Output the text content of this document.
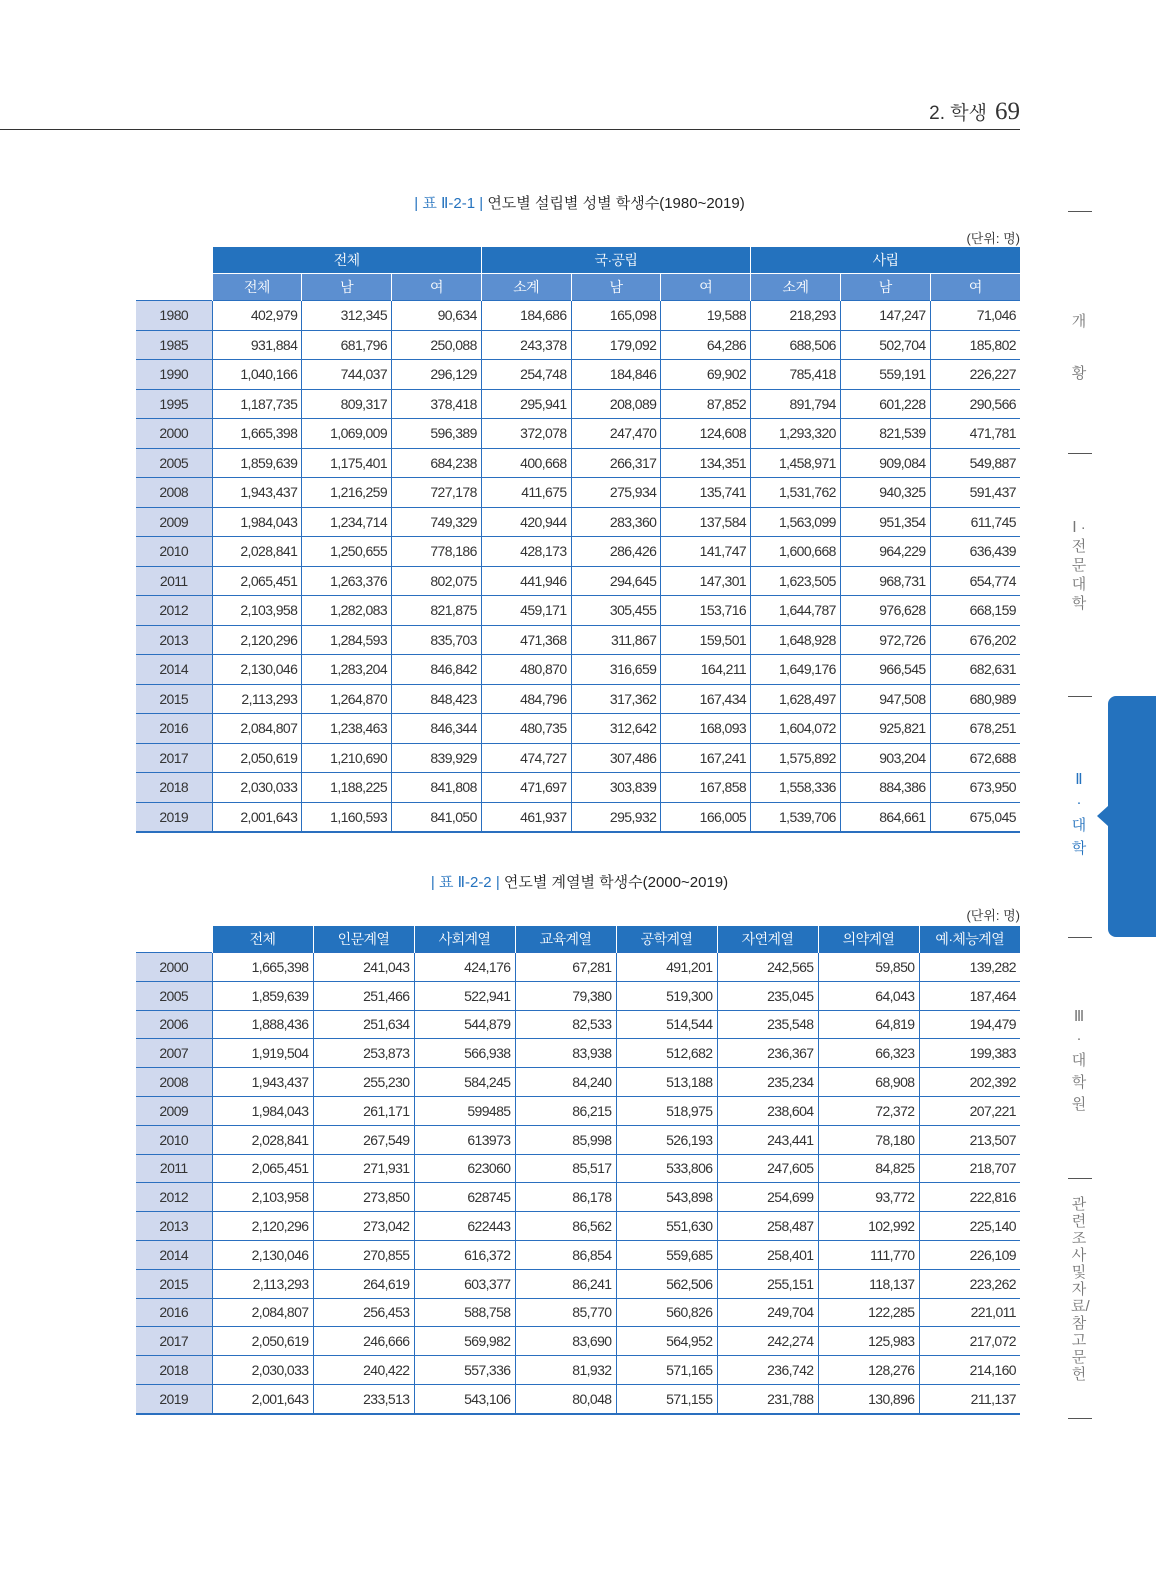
2. 학생 69
| 표 Ⅱ-2-1 | 연도별 설립별 성별 학생수(1980~2019)
(단위: 명)
	전체			국·공립			사립		
	전체	남	여	소계	남	여	소계	남	여
1980	402,979	312,345	90,634	184,686	165,098	19,588	218,293	147,247	71,046
1985	931,884	681,796	250,088	243,378	179,092	64,286	688,506	502,704	185,802
1990	1,040,166	744,037	296,129	254,748	184,846	69,902	785,418	559,191	226,227
1995	1,187,735	809,317	378,418	295,941	208,089	87,852	891,794	601,228	290,566
2000	1,665,398	1,069,009	596,389	372,078	247,470	124,608	1,293,320	821,539	471,781
2005	1,859,639	1,175,401	684,238	400,668	266,317	134,351	1,458,971	909,084	549,887
2008	1,943,437	1,216,259	727,178	411,675	275,934	135,741	1,531,762	940,325	591,437
2009	1,984,043	1,234,714	749,329	420,944	283,360	137,584	1,563,099	951,354	611,745
2010	2,028,841	1,250,655	778,186	428,173	286,426	141,747	1,600,668	964,229	636,439
2011	2,065,451	1,263,376	802,075	441,946	294,645	147,301	1,623,505	968,731	654,774
2012	2,103,958	1,282,083	821,875	459,171	305,455	153,716	1,644,787	976,628	668,159
2013	2,120,296	1,284,593	835,703	471,368	311,867	159,501	1,648,928	972,726	676,202
2014	2,130,046	1,283,204	846,842	480,870	316,659	164,211	1,649,176	966,545	682,631
2015	2,113,293	1,264,870	848,423	484,796	317,362	167,434	1,628,497	947,508	680,989
2016	2,084,807	1,238,463	846,344	480,735	312,642	168,093	1,604,072	925,821	678,251
2017	2,050,619	1,210,690	839,929	474,727	307,486	167,241	1,575,892	903,204	672,688
2018	2,030,033	1,188,225	841,808	471,697	303,839	167,858	1,558,336	884,386	673,950
2019	2,001,643	1,160,593	841,050	461,937	295,932	166,005	1,539,706	864,661	675,045
| 표 Ⅱ-2-2 | 연도별 계열별 학생수(2000~2019)
(단위: 명)
	전체	인문계열	사회계열	교육계열	공학계열	자연계열	의약계열	예·체능계열
2000	1,665,398	241,043	424,176	67,281	491,201	242,565	59,850	139,282
2005	1,859,639	251,466	522,941	79,380	519,300	235,045	64,043	187,464
2006	1,888,436	251,634	544,879	82,533	514,544	235,548	64,819	194,479
2007	1,919,504	253,873	566,938	83,938	512,682	236,367	66,323	199,383
2008	1,943,437	255,230	584,245	84,240	513,188	235,234	68,908	202,392
2009	1,984,043	261,171	599485	86,215	518,975	238,604	72,372	207,221
2010	2,028,841	267,549	613973	85,998	526,193	243,441	78,180	213,507
2011	2,065,451	271,931	623060	85,517	533,806	247,605	84,825	218,707
2012	2,103,958	273,850	628745	86,178	543,898	254,699	93,772	222,816
2013	2,120,296	273,042	622443	86,562	551,630	258,487	102,992	225,140
2014	2,130,046	270,855	616,372	86,854	559,685	258,401	111,770	226,109
2015	2,113,293	264,619	603,377	86,241	562,506	255,151	118,137	223,262
2016	2,084,807	256,453	588,758	85,770	560,826	249,704	122,285	221,011
2017	2,050,619	246,666	569,982	83,690	564,952	242,274	125,983	217,072
2018	2,030,033	240,422	557,336	81,932	571,165	236,742	128,276	214,160
2019	2,001,643	233,513	543,106	80,048	571,155	231,788	130,896	211,137
개 황
Ⅰ · 전문대학
Ⅱ · 대 학
Ⅲ · 대학원
관련조사 및 자료/참고문헌
